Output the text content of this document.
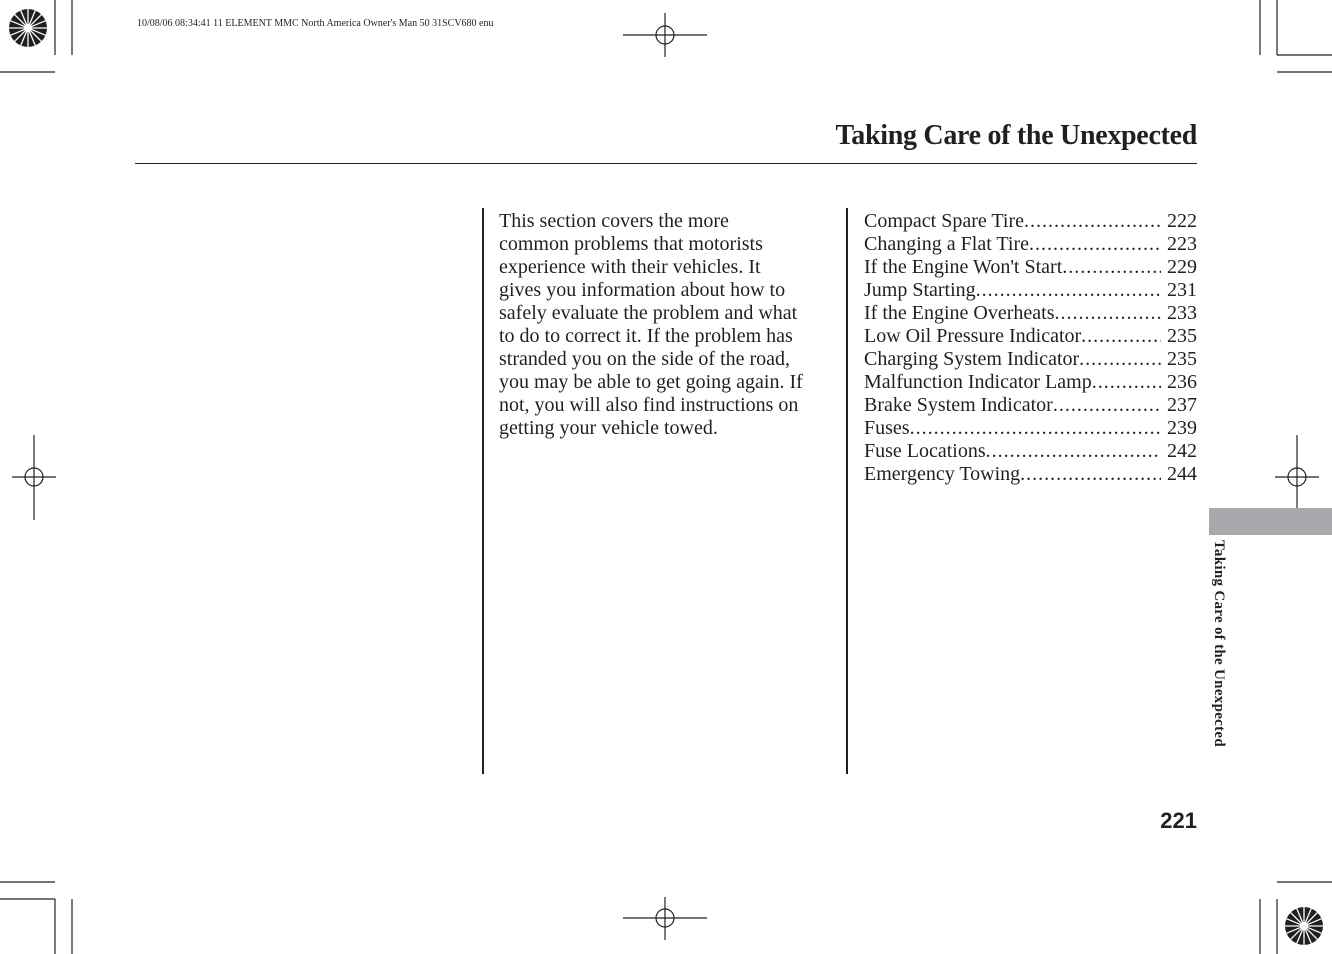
10/08/06 08:34:41 11 ELEMENT MMC North America Owner's Man 50 31SCV680 enu
Taking Care of the Unexpected
This section covers the more
common problems that motorists
experience with their vehicles. It
gives you information about how to
safely evaluate the problem and what
to do to correct it. If the problem has
stranded you on the side of the road,
you may be able to get going again. If
not, you will also find instructions on
getting your vehicle towed.
Compact Spare Tire .....	222
Changing a Flat Tire .....	223
If the Engine Won't Start .....	229
Jump Starting .....	231
If the Engine Overheats .....	233
Low Oil Pressure Indicator .....	235
Charging System Indicator .....	235
Malfunction Indicator Lamp .....	236
Brake System Indicator .....	237
Fuses .....	239
Fuse Locations .....	242
Emergency Towing .....	244
Taking Care of the Unexpected
221
